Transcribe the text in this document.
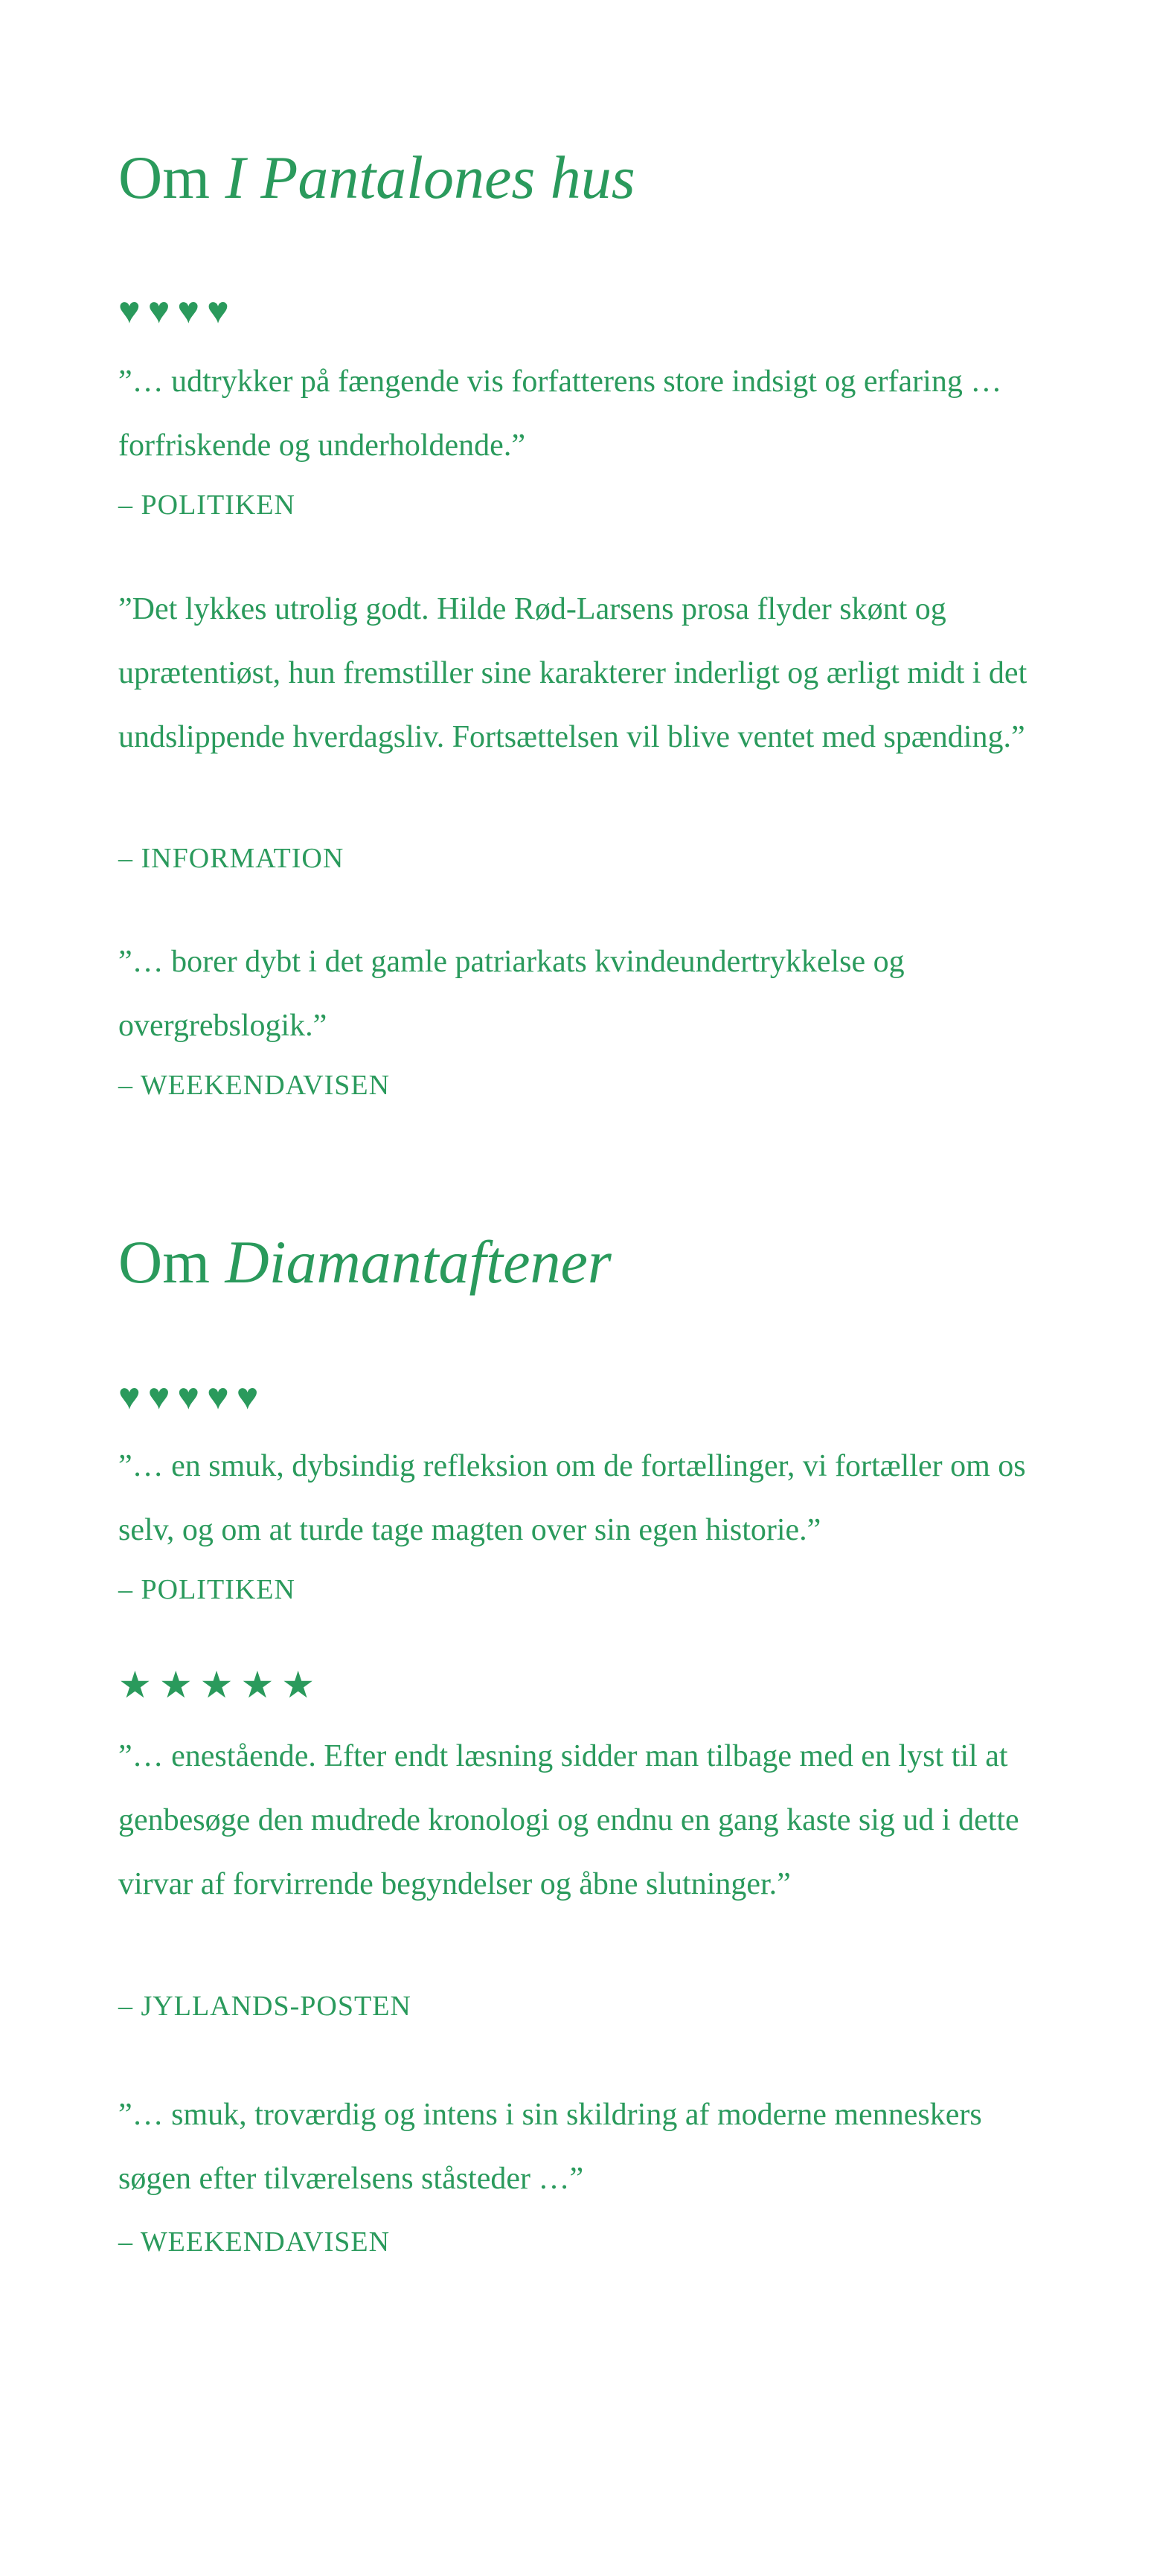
Om I Pantalones hus
♥♥♥♥

”… udtrykker på fængende vis forfatterens store indsigt og erfaring … forfriskende og underholdende.”

– POLITIKEN

”Det lykkes utrolig godt. Hilde Rød-Larsens prosa flyder skønt og uprætentiøst, hun fremstiller sine karakterer inderligt og ærligt midt i det undslippende hverdagsliv. Fortsættelsen vil blive ventet med spænding.”

– INFORMATION

”… borer dybt i det gamle patriarkats kvindeundertrykkelse og overgrebslogik.”

– WEEKENDAVISEN
Om Diamantaftener
♥♥♥♥♥

”… en smuk, dybsindig refleksion om de fortællinger, vi fortæller om os selv, og om at turde tage magten over sin egen historie.”

– POLITIKEN
★★★★★

”… enestående. Efter endt læsning sidder man tilbage med en lyst til at genbesøge den mudrede kronologi og endnu en gang kaste sig ud i dette virvar af forvirrende begyndelser og åbne slutninger.”

– JYLLANDS-POSTEN

”… smuk, troværdig og intens i sin skildring af moderne menneskers søgen efter tilværelsens ståsteder …”

– WEEKENDAVISEN
